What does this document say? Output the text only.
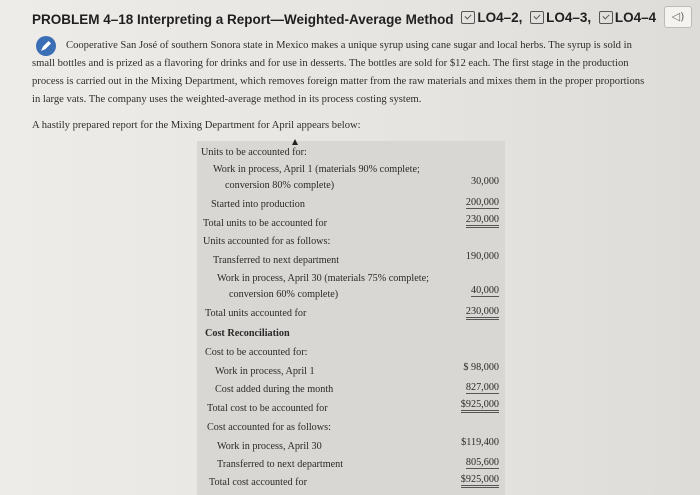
PROBLEM 4–18 Interpreting a Report—Weighted-Average Method LO4–2,
LO4–3,
LO4–4	◁)
Cooperative San José of southern Sonora state in Mexico makes a unique syrup using cane sugar and local herbs. The syrup is sold in small bottles and is prized as a flavoring for drinks and for use in desserts. The bottles are sold for $12 each. The first stage in the production process is carried out in the Mixing Department, which removes foreign matter from the raw materials and mixes them in the proper proportions in large vats. The company uses the weighted-average method in its process costing system.
A hastily prepared report for the Mixing Department for April appears below:
Units to be accounted for:
Work in process, April 1 (materials 90% complete;
conversion 80% complete)	30,000
Started into production	200,000
Total units to be accounted for	230,000
Units accounted for as follows:
Transferred to next department	190,000
Work in process, April 30 (materials 75% complete;
conversion 60% complete)	40,000
Total units accounted for	230,000
Cost Reconciliation
Cost to be accounted for:
Work in process, April 1	$ 98,000
Cost added during the month	827,000
Total cost to be accounted for	$925,000
Cost accounted for as follows:
Work in process, April 30	$119,400
Transferred to next department	805,600
Total cost accounted for	$925,000
